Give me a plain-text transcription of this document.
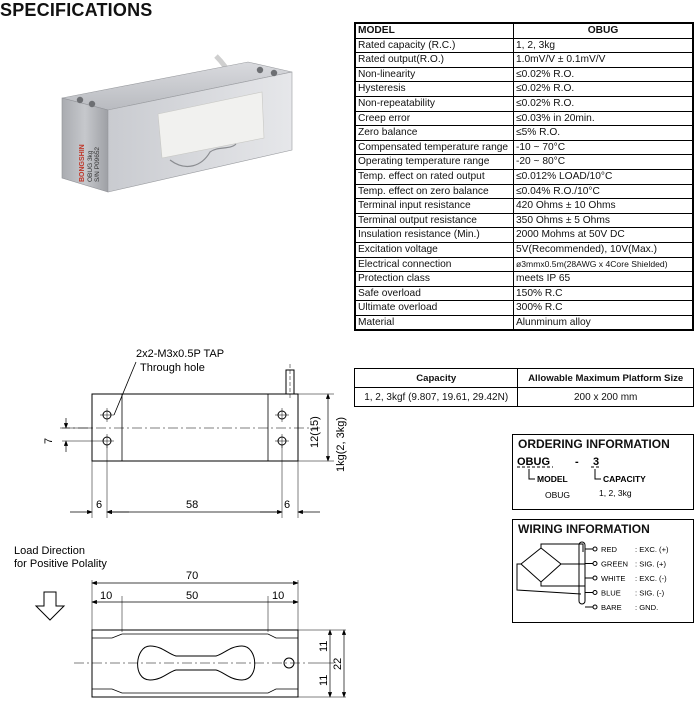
BONGSHIN OBUG 3kg S/N P09652
SPECIFICATIONS
MODEL	OBUG
Rated capacity (R.C.)	1, 2, 3kg
Rated output(R.O.)	1.0mV/V ± 0.1mV/V
Non-linearity	≤0.02% R.O.
Hysteresis	≤0.02% R.O.
Non-repeatability	≤0.02% R.O.
Creep error	≤0.03% in 20min.
Zero balance	≤5% R.O.
Compensated temperature range	-10 ~ 70°C
Operating temperature range	-20 ~ 80°C
Temp. effect on rated output	≤0.012% LOAD/10°C
Temp. effect on zero balance	≤0.04% R.O./10°C
Terminal input resistance	420 Ohms ± 10 Ohms
Terminal output resistance	350 Ohms ± 5 Ohms
Insulation resistance (Min.)	2000 Mohms at 50V DC
Excitation voltage	5V(Recommended), 10V(Max.)
Electrical connection	ø3mmx0.5m(28AWG x 4Core Shielded)
Protection class	meets IP 65
Safe overload	150% R.C
Ultimate overload	300% R.C
Material	Alunminum alloy
Capacity	Allowable Maximum Platform Size
1, 2, 3kgf (9.807, 19.61, 29.42N)	200 x 200 mm
ORDERING INFORMATION
OBUG - 3
MODEL	CAPACITY
OBUG	1, 2, 3kg
WIRING INFORMATION
RED : EXC. (+)
GREEN : SIG. (+)
WHITE : EXC. (-)
BLUE : SIG. (-)
BARE : GND.
2x2-M3x0.5P TAP
Through hole
7	12(15) 1kg(2, 3kg)
6	58	6
Load Direction
for Positive Polality
70
10	50	10
11
11
22
